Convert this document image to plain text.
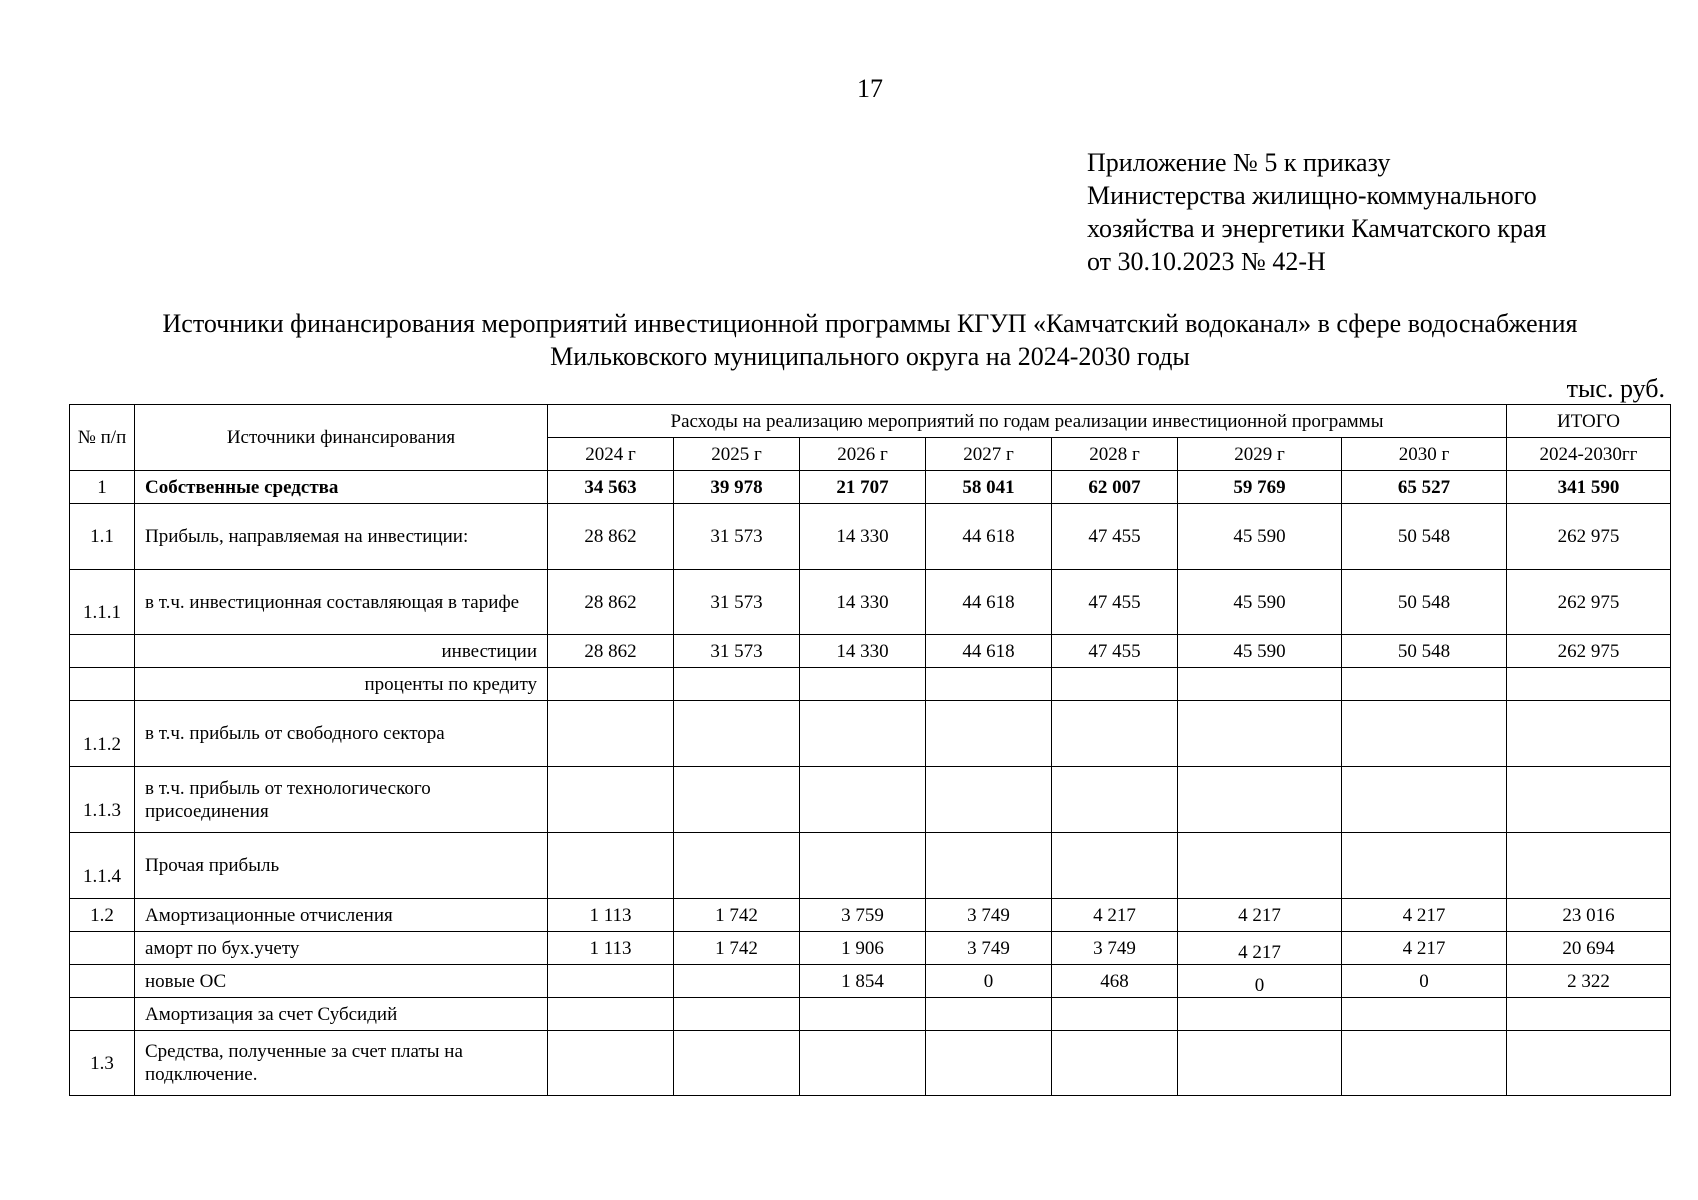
17
Приложение № 5 к приказу
Министерства жилищно-коммунального
хозяйства и энергетики Камчатского края
от 30.10.2023 № 42-Н
Источники финансирования мероприятий инвестиционной программы КГУП «Камчатский водоканал» в сфере водоснабжения
Мильковского муниципального округа на 2024-2030 годы
тыс. руб.
№ п/п	Источники финансирования	Расходы на реализацию мероприятий по годам реализации инвестиционной программы							ИТОГО
		2024 г	2025 г	2026 г	2027 г	2028 г	2029 г	2030 г	2024-2030гг
1	Собственные средства	34 563	39 978	21 707	58 041	62 007	59 769	65 527	341 590
1.1	Прибыль, направляемая на инвестиции:	28 862	31 573	14 330	44 618	47 455	45 590	50 548	262 975
1.1.1	в т.ч. инвестиционная составляющая в тарифе	28 862	31 573	14 330	44 618	47 455	45 590	50 548	262 975
	инвестиции	28 862	31 573	14 330	44 618	47 455	45 590	50 548	262 975
	проценты по кредиту								
1.1.2	в т.ч. прибыль от свободного сектора								
1.1.3	в т.ч. прибыль от технологического присоединения								
1.1.4	Прочая прибыль								
1.2	Амортизационные отчисления	1 113	1 742	3 759	3 749	4 217	4 217	4 217	23 016
	аморт по бух.учету	1 113	1 742	1 906	3 749	3 749	4 217	4 217	20 694
	новые ОС			1 854	0	468	0	0	2 322
	Амортизация за счет Субсидий								
1.3	Средства, полученные за счет платы на подключение.								
